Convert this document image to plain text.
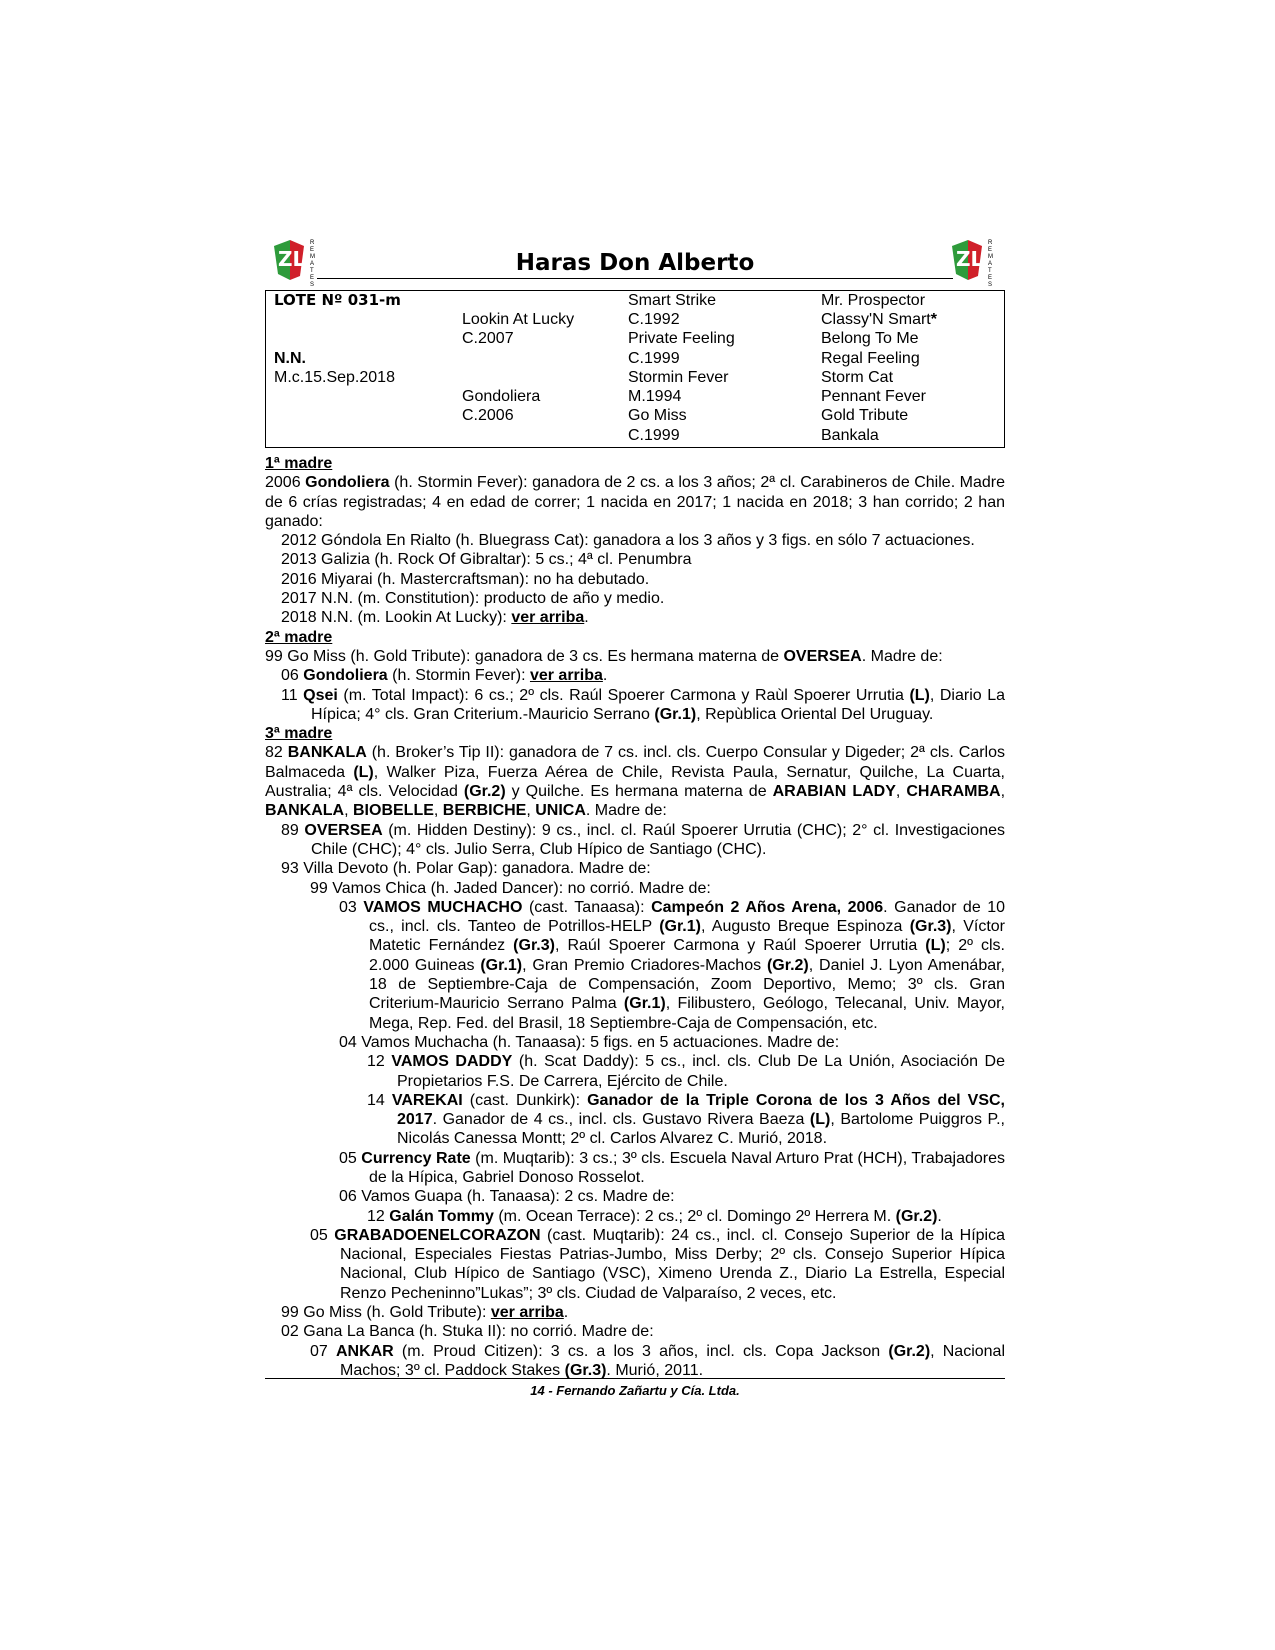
ZL
R
E
M
A
T
E
S
Haras Don Alberto	ZL
R
E
M
A
T
E
S
LOTE Nº 031-m
N.N.
M.c.15.Sep.2018
Lookin At Lucky
C.2007
Gondoliera
C.2006
Smart Strike
C.1992
Private Feeling
C.1999
Stormin Fever
M.1994
Go Miss
C.1999
Mr. Prospector
Classy'N Smart*
Belong To Me
Regal Feeling
Storm Cat
Pennant Fever
Gold Tribute
Bankala

1ª madre

2006 Gondoliera (h. Stormin Fever): ganadora de 2 cs. a los 3 años; 2ª cl. Carabineros de Chile. Madre de 6 crías registradas; 4 en edad de correr; 1 nacida en 2017; 1 nacida en 2018; 3 han corrido; 2 han ganado:

2012 Góndola En Rialto (h. Bluegrass Cat): ganadora a los 3 años y 3 figs. en sólo 7 actuaciones.

2013 Galizia (h. Rock Of Gibraltar): 5 cs.; 4ª cl. Penumbra

2016 Miyarai (h. Mastercraftsman): no ha debutado.

2017 N.N. (m. Constitution): producto de año y medio.

2018 N.N. (m. Lookin At Lucky): ver arriba.

2ª madre

99 Go Miss (h. Gold Tribute): ganadora de 3 cs. Es hermana materna de OVERSEA. Madre de:

06 Gondoliera (h. Stormin Fever): ver arriba.

11 Qsei (m. Total Impact): 6 cs.; 2º cls. Raúl Spoerer Carmona y Raùl Spoerer Urrutia (L), Diario La Hípica; 4° cls. Gran Criterium.-Mauricio Serrano (Gr.1), Repùblica Oriental Del Uruguay.

3ª madre

82 BANKALA (h. Broker’s Tip II): ganadora de 7 cs. incl. cls. Cuerpo Consular y Digeder; 2ª cls. Carlos Balmaceda (L), Walker Piza, Fuerza Aérea de Chile, Revista Paula, Sernatur, Quilche, La Cuarta, Australia; 4ª cls. Velocidad (Gr.2) y Quilche. Es hermana materna de ARABIAN LADY, CHARAMBA, BANKALA, BIOBELLE, BERBICHE, UNICA. Madre de:

89 OVERSEA (m. Hidden Destiny): 9 cs., incl. cl. Raúl Spoerer Urrutia (CHC); 2° cl. Investigaciones Chile (CHC); 4° cls. Julio Serra, Club Hípico de Santiago (CHC).

93 Villa Devoto (h. Polar Gap): ganadora. Madre de:

99 Vamos Chica (h. Jaded Dancer): no corrió. Madre de:

03 VAMOS MUCHACHO (cast. Tanaasa): Campeón 2 Años Arena, 2006. Ganador de 10 cs., incl. cls. Tanteo de Potrillos-HELP (Gr.1), Augusto Breque Espinoza (Gr.3), Víctor Matetic Fernández (Gr.3), Raúl Spoerer Carmona y Raúl Spoerer Urrutia (L); 2º cls. 2.000 Guineas (Gr.1), Gran Premio Criadores-Machos (Gr.2), Daniel J. Lyon Amenábar, 18 de Septiembre-Caja de Compensación, Zoom Deportivo, Memo; 3º cls. Gran Criterium-Mauricio Serrano Palma (Gr.1), Filibustero, Geólogo, Telecanal, Univ. Mayor, Mega, Rep. Fed. del Brasil, 18 Septiembre-Caja de Compensación, etc.

04 Vamos Muchacha (h. Tanaasa): 5 figs. en 5 actuaciones. Madre de:

12 VAMOS DADDY (h. Scat Daddy): 5 cs., incl. cls. Club De La Unión, Asociación De Propietarios F.S. De Carrera, Ejército de Chile.

14 VAREKAI (cast. Dunkirk): Ganador de la Triple Corona de los 3 Años del VSC, 2017. Ganador de 4 cs., incl. cls. Gustavo Rivera Baeza (L), Bartolome Puiggros P., Nicolás Canessa Montt; 2º cl. Carlos Alvarez C. Murió, 2018.

05 Currency Rate (m. Muqtarib): 3 cs.; 3º cls. Escuela Naval Arturo Prat (HCH), Trabajadores de la Hípica, Gabriel Donoso Rosselot.

06 Vamos Guapa (h. Tanaasa): 2 cs. Madre de:

12 Galán Tommy (m. Ocean Terrace): 2 cs.; 2º cl. Domingo 2º Herrera M. (Gr.2).

05 GRABADOENELCORAZON (cast. Muqtarib): 24 cs., incl. cl. Consejo Superior de la Hípica Nacional, Especiales Fiestas Patrias-Jumbo, Miss Derby; 2º cls. Consejo Superior Hípica Nacional, Club Hípico de Santiago (VSC), Ximeno Urenda Z., Diario La Estrella, Especial Renzo Pecheninno”Lukas”; 3º cls. Ciudad de Valparaíso, 2 veces, etc.

99 Go Miss (h. Gold Tribute): ver arriba.

02 Gana La Banca (h. Stuka II): no corrió. Madre de:

07 ANKAR (m. Proud Citizen): 3 cs. a los 3 años, incl. cls. Copa Jackson (Gr.2), Nacional Machos; 3º cl. Paddock Stakes (Gr.3). Murió, 2011.

14 - Fernando Zañartu y Cía. Ltda.
